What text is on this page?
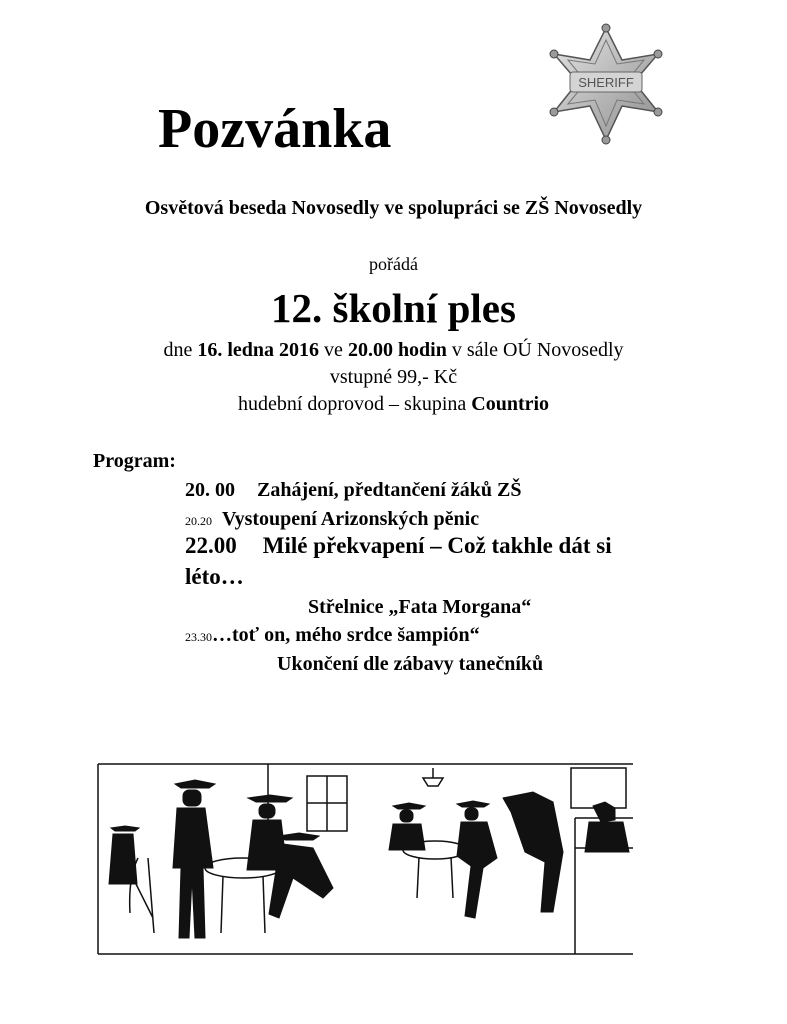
SHERIFF
Pozvánka
Osvětová beseda Novosedly ve spolupráci se ZŠ Novosedly
pořádá
12. školní ples
dne 16. ledna 2016 ve 20.00 hodin v sále OÚ Novosedly
vstupné 99,- Kč
hudební doprovod – skupina Countrio
Program:
20. 00 Zahájení, předtančení žáků ZŠ
20.20 Vystoupení Arizonských pěnic
22.00 Milé překvapení – Což takhle dát si
léto…
Střelnice „Fata Morgana“
23.30…toť on, mého srdce šampión“
Ukončení dle zábavy tanečníků
